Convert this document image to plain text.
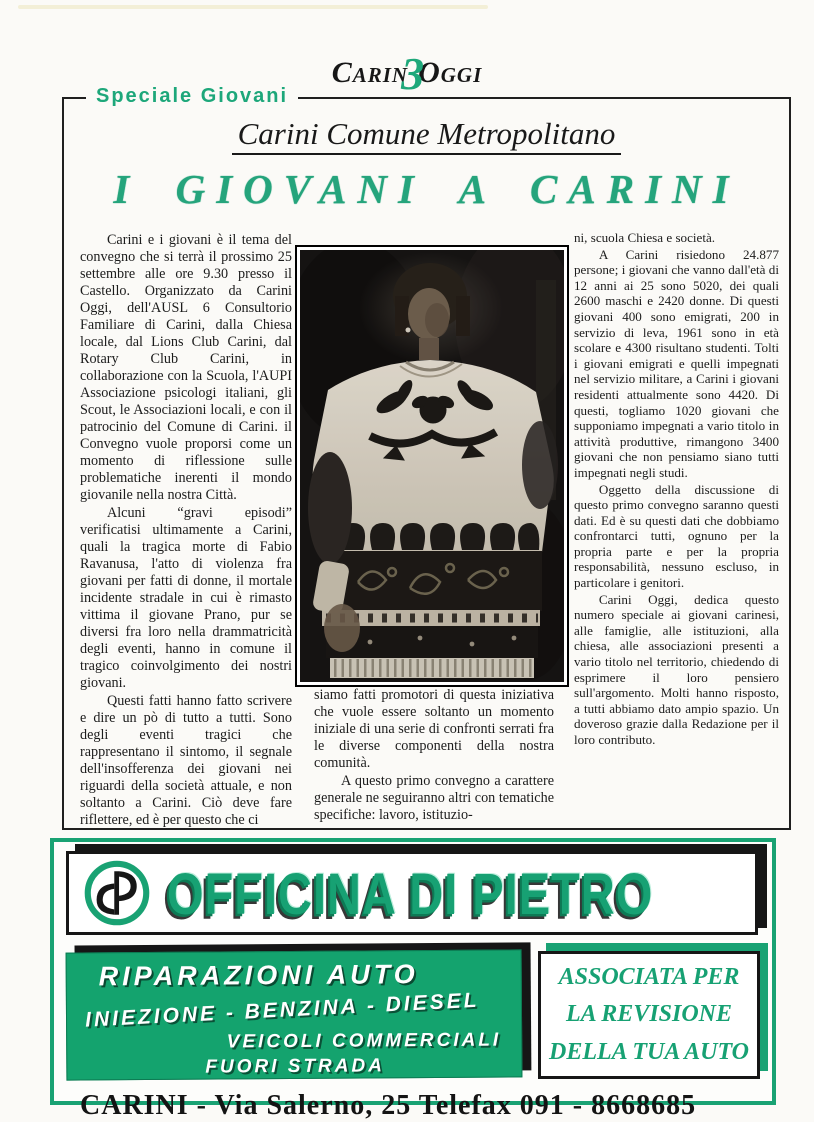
Carin3Oggi
Speciale Giovani
Carini Comune Metropolitano
I GIOVANI A CARINI

Carini e i giovani è il tema del convegno che si terrà il prossimo 25 settembre alle ore 9.30 presso il Castello. Organizzato da Carini Oggi, dell'AUSL 6 Consultorio Familiare di Carini, dalla Chiesa locale, dal Lions Club Carini, dal Rotary Club Carini, in collaborazione con la Scuola, l'AUPI Associazione psicologi italiani, gli Scout, le Associazioni locali, e con il patrocinio del Comune di Carini. il Convegno vuole proporsi come un momento di riflessione sulle problematiche inerenti il mondo giovanile nella nostra Città.

Alcuni “gravi episodi” verificatisi ultimamente a Carini, quali la tragica morte di Fabio Ravanusa, l'atto di violenza fra giovani per fatti di donne, il mortale incidente stradale in cui è rimasto vittima il giovane Prano, pur se diversi fra loro nella drammatricità degli eventi, hanno in comune il tragico coinvolgimento dei nostri giovani.

Questi fatti hanno fatto scrivere e dire un pò di tutto a tutti. Sono degli eventi tragici che rappresentano il sintomo, il segnale dell'insofferenza dei giovani nei riguardi della società attuale, e non soltanto a Carini. Ciò deve fare riflettere, ed è per questo che ci

siamo fatti promotori di questa iniziativa che vuole essere soltanto un momento iniziale di una serie di confronti serrati fra le diverse componenti della nostra comunità.

A questo primo convegno a carattere generale ne seguiranno altri con tematiche specifiche: lavoro, istituzio-

ni, scuola Chiesa e società.

A Carini risiedono 24.877 persone; i giovani che vanno dall'età di 12 anni ai 25 sono 5020, dei quali 2600 maschi e 2420 donne. Di questi giovani 400 sono emigrati, 200 in servizio di leva, 1961 sono in età scolare e 4300 risultano studenti. Tolti i giovani emigrati e quelli impegnati nel servizio militare, a Carini i giovani residenti attualmente sono 4420. Di questi, togliamo 1020 giovani che supponiamo impegnati a vario titolo in attività produttive, rimangono 3400 giovani che non pensiamo siano tutti impegnati negli studi.

Oggetto della discussione di questo primo convegno saranno questi dati. Ed è su questi dati che dobbiamo confrontarci tutti, ognuno per la propria parte e per la propria responsabilità, nessuno escluso, in particolare i genitori.

Carini Oggi, dedica questo numero speciale ai giovani carinesi, alle famiglie, alle istituzioni, alla chiesa, alle associazioni presenti a vario titolo nel territorio, chiedendo di esprimere il loro pensiero sull'argomento. Molti hanno risposto, a tutti abbiamo dato ampio spazio. Un doveroso grazie dalla Redazione per il loro contributo.

OFFICINA DI PIETRO
RIPARAZIONI AUTO
INIEZIONE - BENZINA - DIESEL
VEICOLI COMMERCIALI
FUORI STRADA
ASSOCIATA PER
LA REVISIONE
DELLA TUA AUTO
CARINI - Via Salerno, 25 Telefax 091 - 8668685
